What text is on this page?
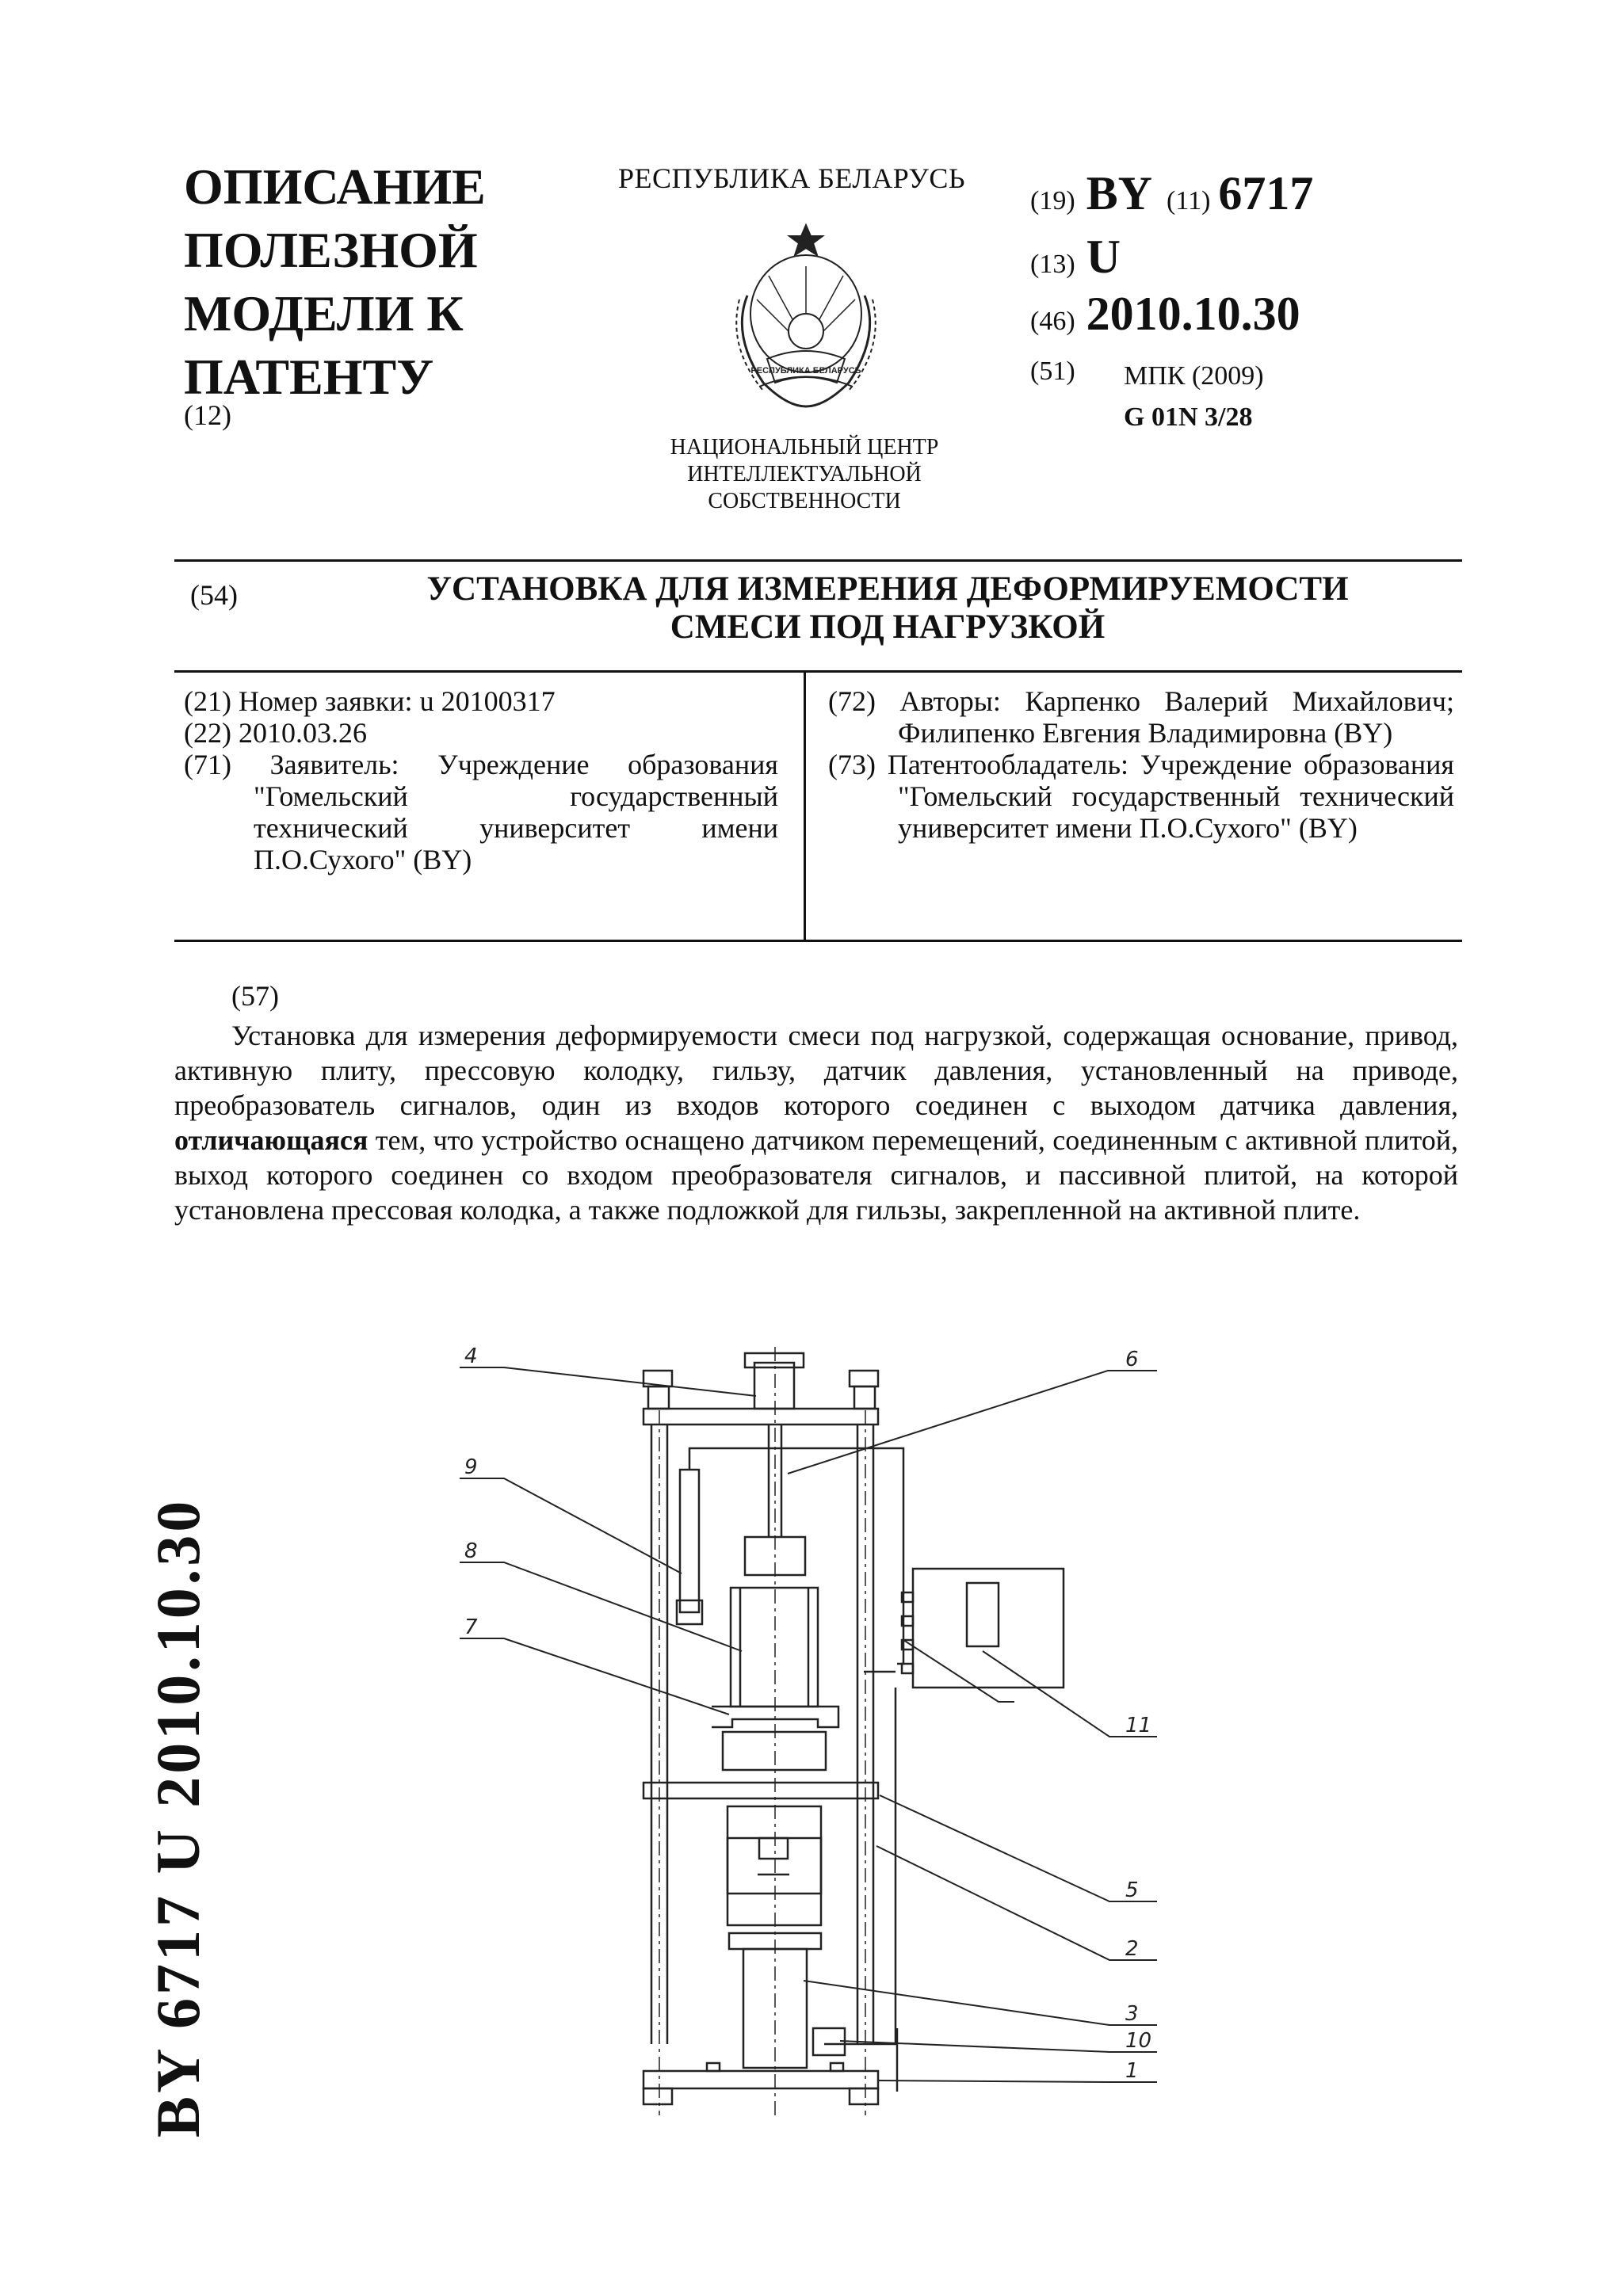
ОПИСАНИЕ
ПОЛЕЗНОЙ
МОДЕЛИ К
ПАТЕНТУ
(12)
РЕСПУБЛИКА БЕЛАРУСЬ
РЕСПУБЛИКА БЕЛАРУСЬ
НАЦИОНАЛЬНЫЙ ЦЕНТР
ИНТЕЛЛЕКТУАЛЬНОЙ
СОБСТВЕННОСТИ
(19) BY (11) 6717
(13) U
(46) 2010.10.30
(51) МПК (2009)
G 01N 3/28
(54)	УСТАНОВКА ДЛЯ ИЗМЕРЕНИЯ ДЕФОРМИРУЕМОСТИ
СМЕСИ ПОД НАГРУЗКОЙ
(21) Номер заявки: u 20100317
(22) 2010.03.26
(71) Заявитель: Учреждение образования "Гомельский государственный технический университет имени П.О.Сухого" (BY)
(72) Авторы: Карпенко Валерий Михайлович; Филипенко Евгения Владимировна (BY)
(73) Патентообладатель: Учреждение образования "Гомельский государственный технический университет имени П.О.Сухого" (BY)
(57)
Установка для измерения деформируемости смеси под нагрузкой, содержащая основание, привод, активную плиту, прессовую колодку, гильзу, датчик давления, установленный на приводе, преобразователь сигналов, один из входов которого соединен с выходом датчика давления, отличающаяся тем, что устройство оснащено датчиком перемещений, соединенным с активной плитой, выход которого соединен со входом преобразователя сигналов, и пассивной плитой, на которой установлена прессовая колодка, а также подложкой для гильзы, закрепленной на активной плите.
BY 6717 U 2010.10.30
4
9
8
7
6
11
5
2
3
10
1
